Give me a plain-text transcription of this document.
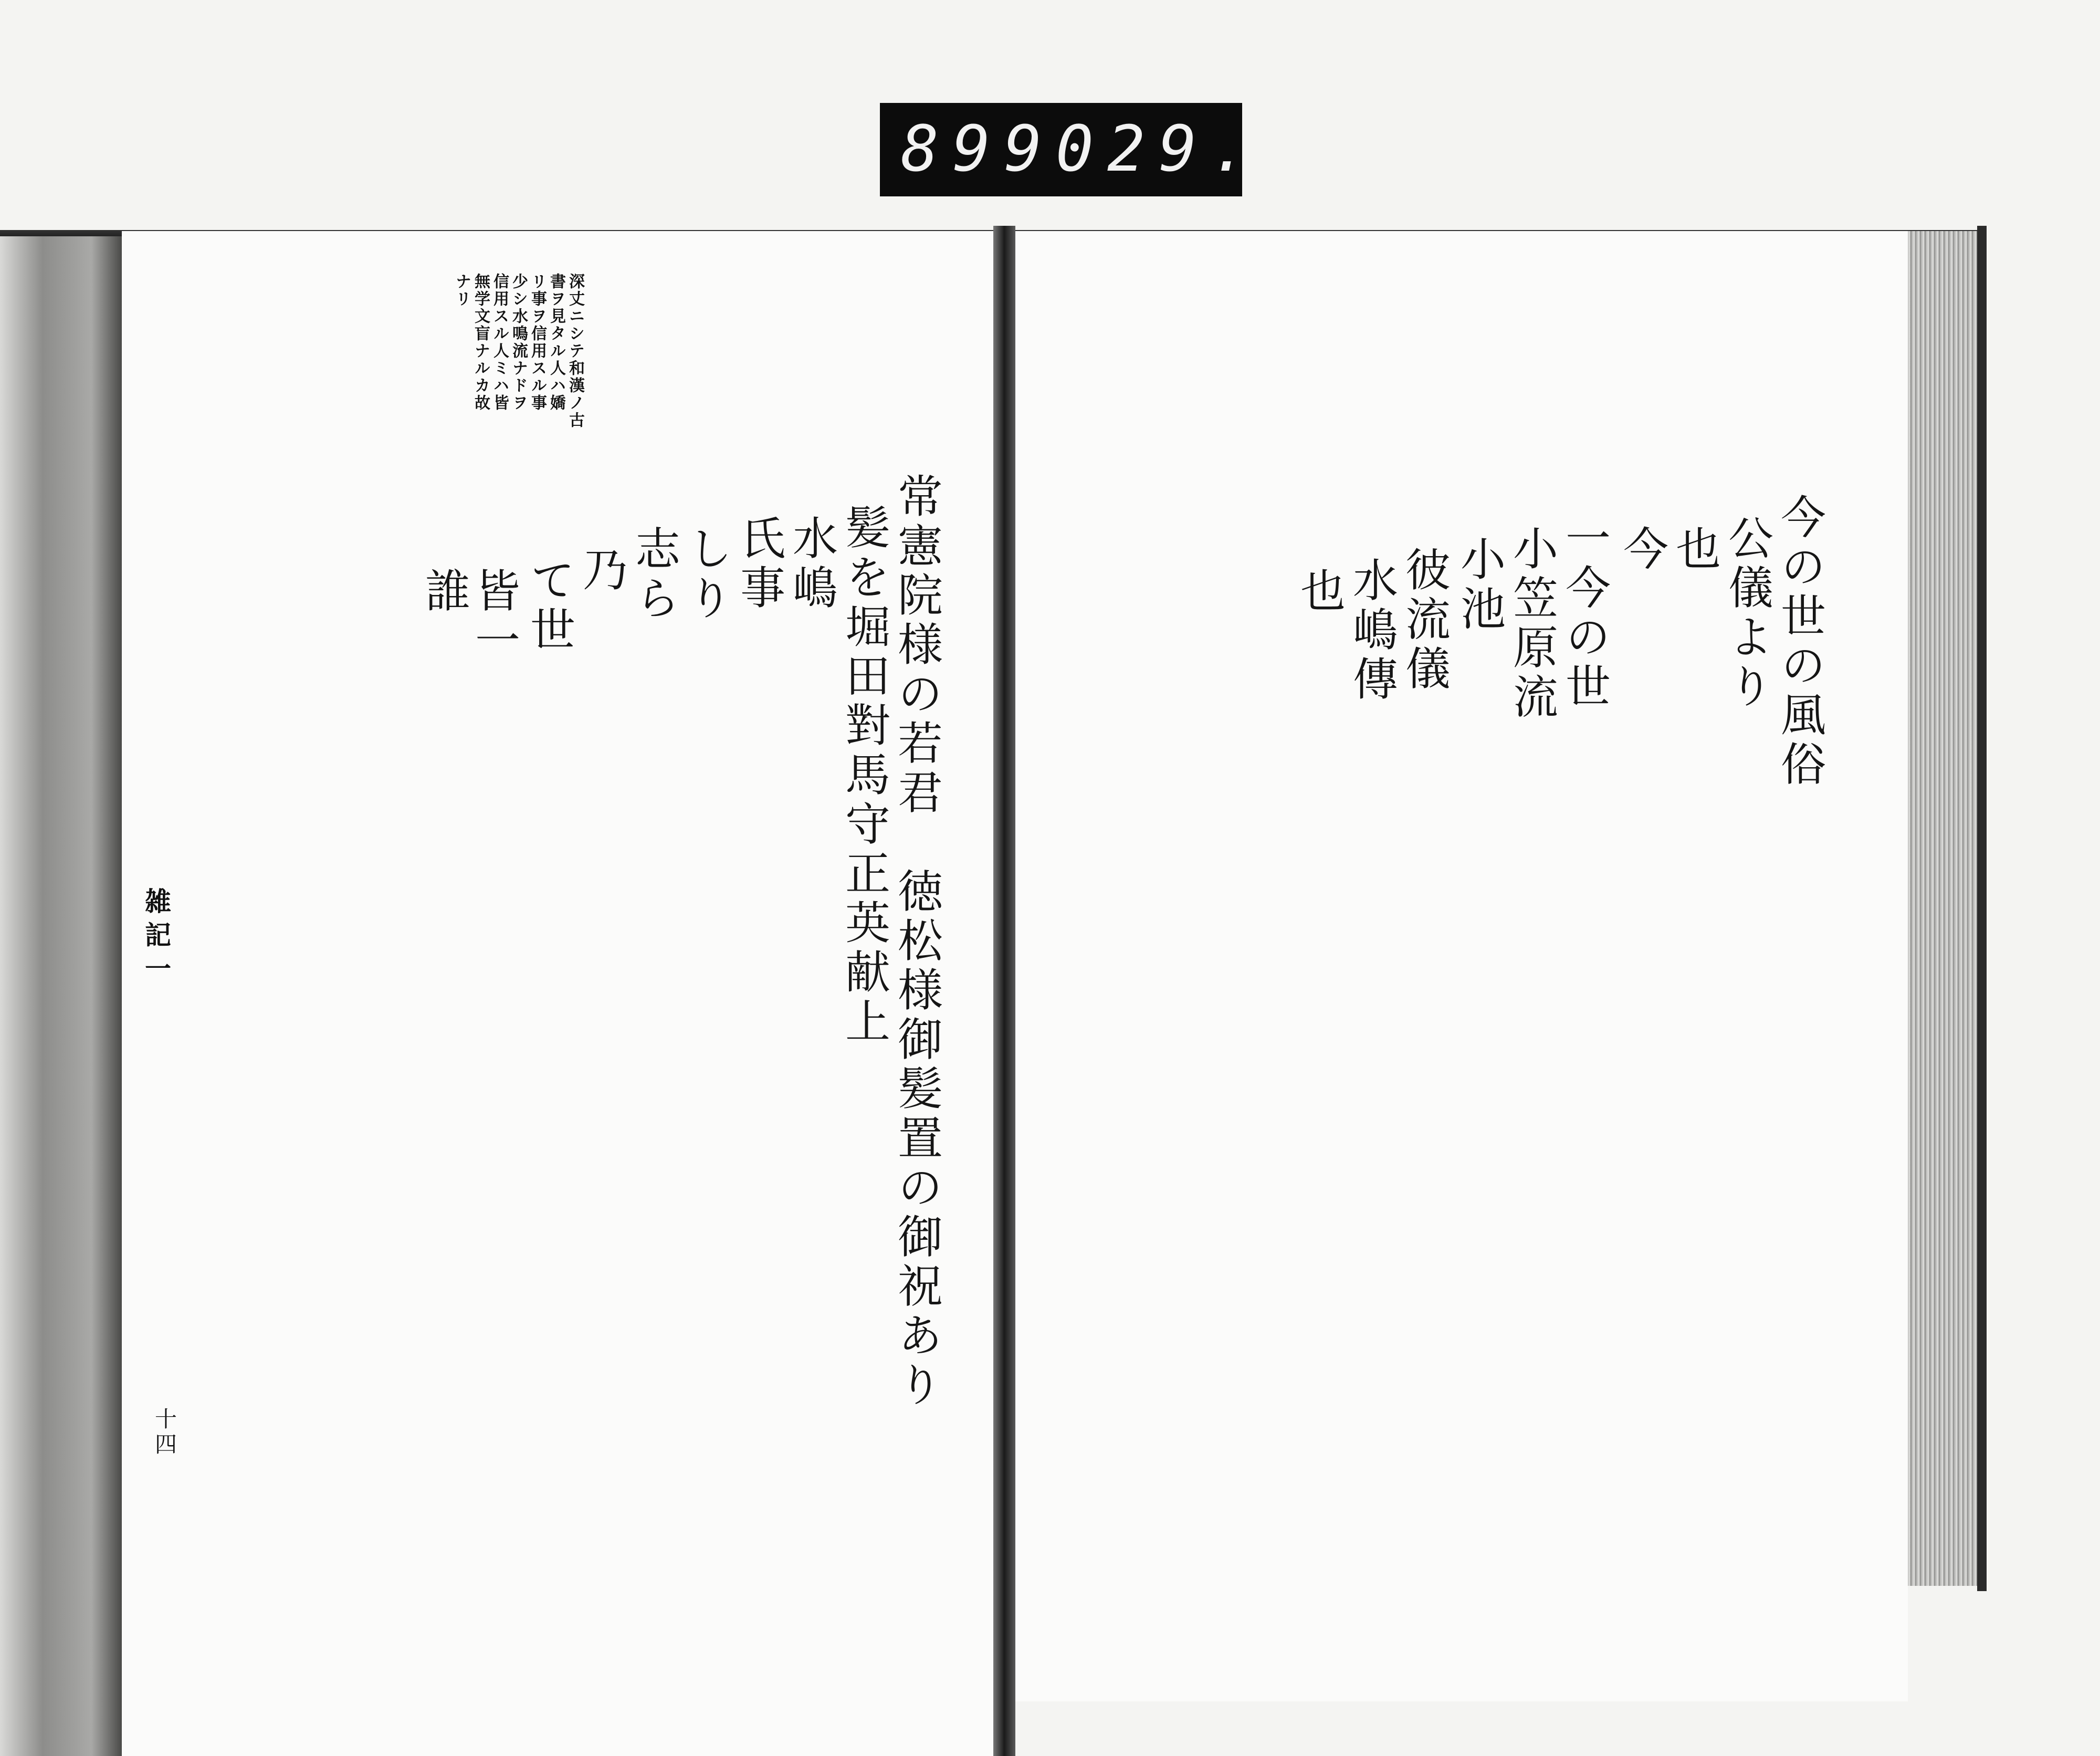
899 029.
深丈ニシテ和漢ノ古
書ヲ見タル人ハ嬌
リ事ヲ信用スル事
少シ水鳴流ナドヲ
信用スル人ミハ皆
無学文盲ナルカ故
ナリ
常憲院様の若君　徳松様御髪置の御祝あり
髪を堀田對馬守正英献上
水嶋
氏事
しり
志ら
乃
て世
皆一
誰
雑記一
十四
今の世の風俗
公儀より
也
今
一今の世
小笠原流
小池
彼流儀
水嶋傳
也
